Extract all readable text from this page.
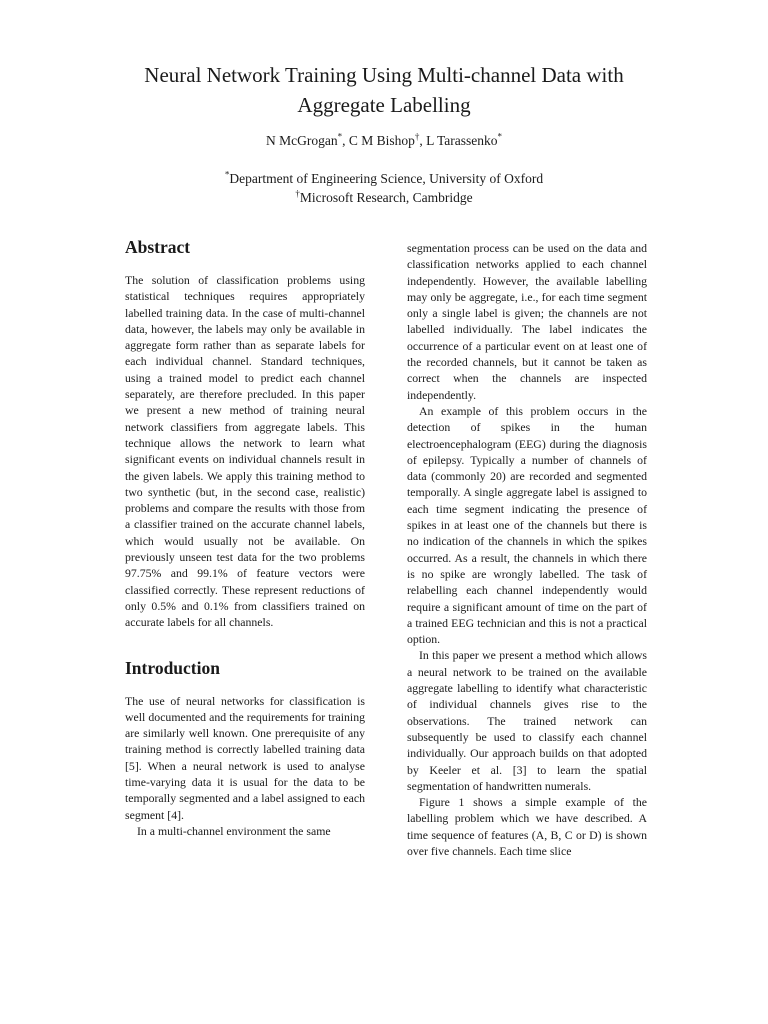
Neural Network Training Using Multi-channel Data with Aggregate Labelling
N McGrogan*, C M Bishop†, L Tarassenko*
*Department of Engineering Science, University of Oxford
†Microsoft Research, Cambridge
Abstract

The solution of classification problems using statistical techniques requires appropriately labelled training data. In the case of multi-channel data, however, the labels may only be available in aggregate form rather than as separate labels for each individual channel. Standard techniques, using a trained model to predict each channel separately, are therefore precluded. In this paper we present a new method of training neural network classifiers from aggregate labels. This technique allows the network to learn what significant events on individual channels result in the given labels. We apply this training method to two synthetic (but, in the second case, realistic) problems and compare the results with those from a classifier trained on the accurate channel labels, which would usually not be available. On previously unseen test data for the two problems 97.75% and 99.1% of feature vectors were classified correctly. These represent reductions of only 0.5% and 0.1% from classifiers trained on accurate labels for all channels.

Introduction

The use of neural networks for classification is well documented and the requirements for training are similarly well known. One prerequisite of any training method is correctly labelled training data [5]. When a neural network is used to analyse time-varying data it is usual for the data to be temporally segmented and a label assigned to each segment [4].

In a multi-channel environment the same

segmentation process can be used on the data and classification networks applied to each channel independently. However, the available labelling may only be aggregate, i.e., for each time segment only a single label is given; the channels are not labelled individually. The label indicates the occurrence of a particular event on at least one of the recorded channels, but it cannot be taken as correct when the channels are inspected independently.

An example of this problem occurs in the detection of spikes in the human electroencephalogram (EEG) during the diagnosis of epilepsy. Typically a number of channels of data (commonly 20) are recorded and segmented temporally. A single aggregate label is assigned to each time segment indicating the presence of spikes in at least one of the channels but there is no indication of the channels in which the spikes occurred. As a result, the channels in which there is no spike are wrongly labelled. The task of relabelling each channel independently would require a significant amount of time on the part of a trained EEG technician and this is not a practical option.

In this paper we present a method which allows a neural network to be trained on the available aggregate labelling to identify what characteristic of individual channels gives rise to the observations. The trained network can subsequently be used to classify each channel individually. Our approach builds on that adopted by Keeler et al. [3] to learn the spatial segmentation of handwritten numerals.

Figure 1 shows a simple example of the labelling problem which we have described. A time sequence of features (A, B, C or D) is shown over five channels. Each time slice
